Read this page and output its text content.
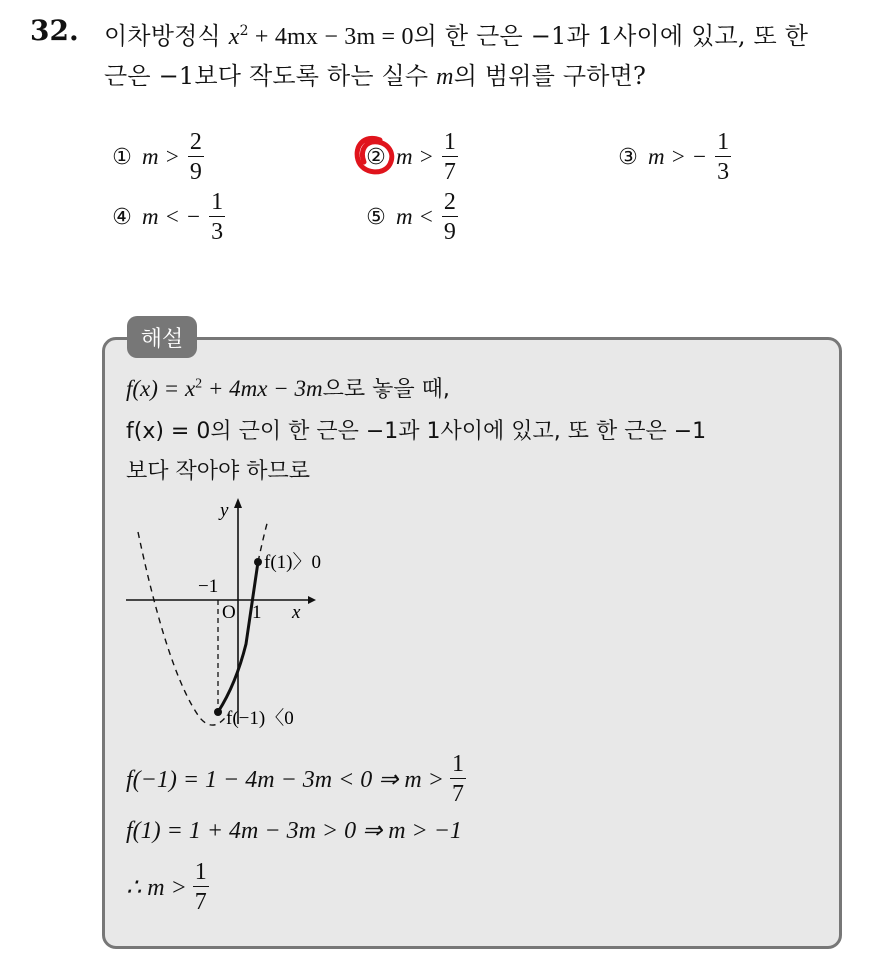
32. 이차방정식 $x^2 + 4mx - 3m = 0$의 한 근은 −1과 1사이에 있고, 또 한
근은 −1보다 작도록 하는 실수 m의 범위를 구하면?
① $m > \frac{2}{9}$	② $m > \frac{1}{7}$	③ m > − $\frac{1}{3}$
④ m < − $\frac{1}{3}$	⑤ $m < \frac{2}{9}$
해설
$f(x) = x^2 + 4mx - 3m$으로 놓을 때,
f(x) = 0의 근이 한 근은 −1과 1사이에 있고, 또 한 근은 −1
보다 작아야 하므로
y
x
O
−1
1
f(1)〉0
f(−1)〈0
f(−1) = 1 − 4m − 3m < 0 ⇒ $m > \frac{1}{7}$
f(1) = 1 + 4m − 3m > 0 ⇒ m > −1
∴ $m > \frac{1}{7}$
